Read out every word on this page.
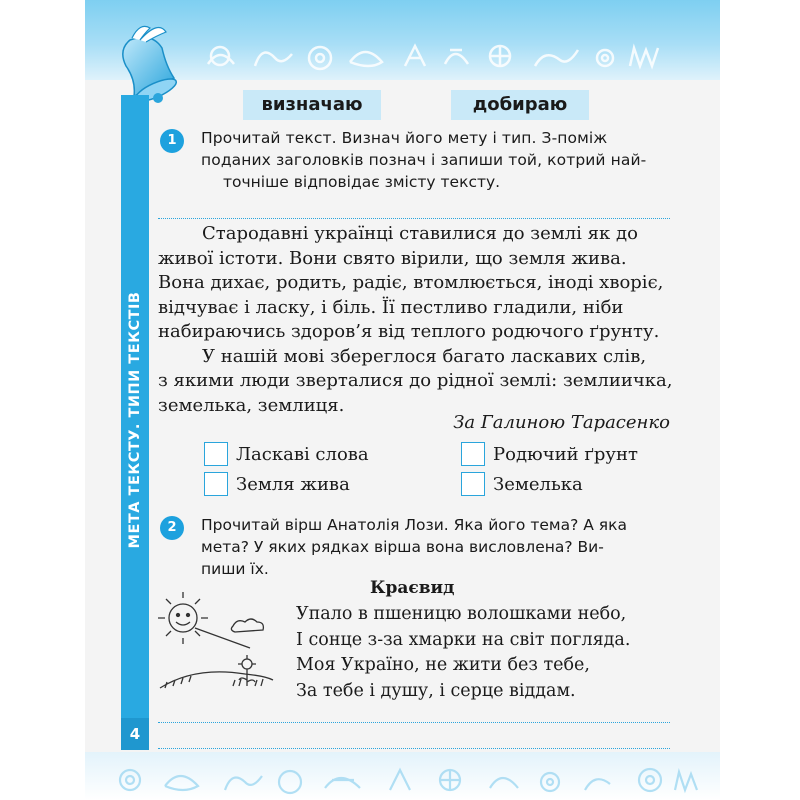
МЕТА ТЕКСТУ. ТИПИ ТЕКСТІВ
4
визначаю	добираю
1	Прочитай текст. Визнач його мету і тип. З-поміж
поданих заголовків познач і запиши той, котрий най-
точніше відповідає змісту тексту.
Стародавні українці ставилися до землі як до
живої істоти. Вони свято вірили, що земля жива.
Вона дихає, родить, радіє, втомлюється, іноді хворіє,
відчуває і ласку, і біль. Її пестливо гладили, ніби
набираючись здоров’я від теплого родючого ґрунту.
У нашій мові збереглося багато ласкавих слів,
з якими люди зверталися до рідної землі: землиичка,
земелька, землиця.
За Галиною Тарасенко
Ласкаві слова	Родючий ґрунт
Земля жива	Земелька
2	Прочитай вірш Анатолія Лози. Яка його тема? А яка
мета? У яких рядках вірша вона висловлена? Ви-
пиши їх.
Краєвид
Упало в пшеницю волошками небо,
І сонце з-за хмарки на світ погляда.
Моя Україно, не жити без тебе,
За тебе і душу, і серце віддам.
